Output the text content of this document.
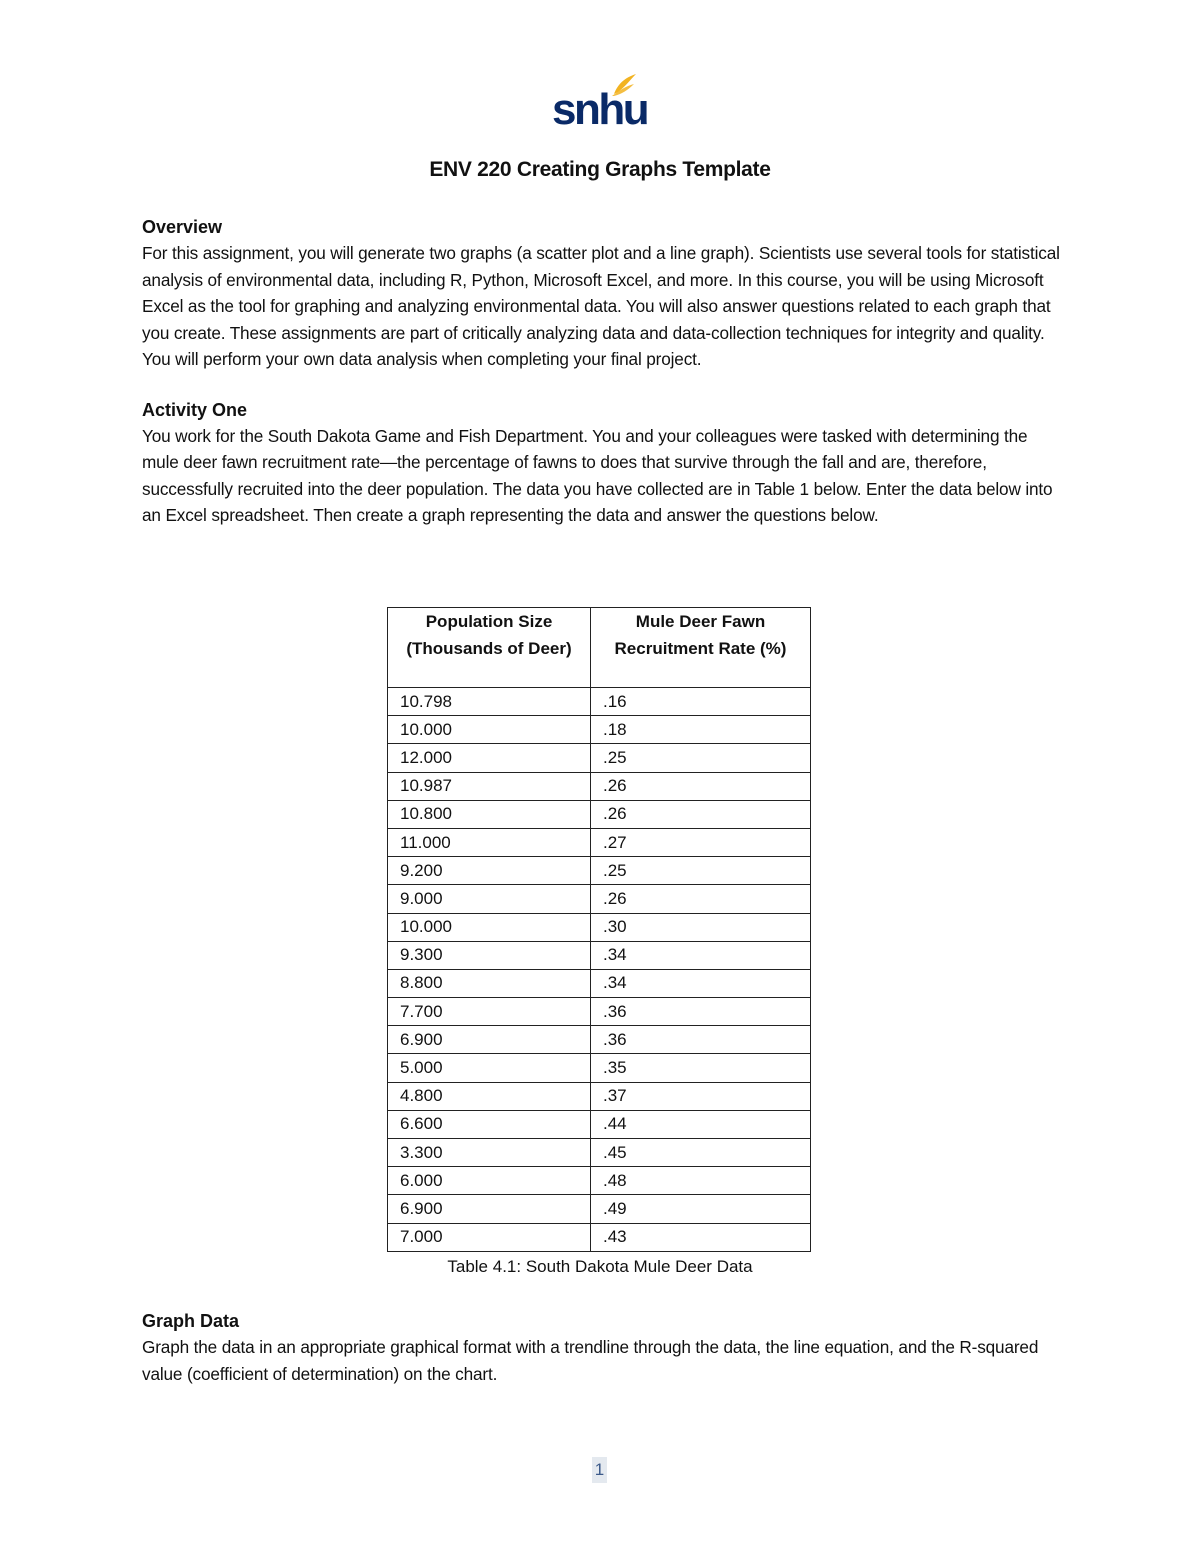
snhu
ENV 220 Creating Graphs Template

Overview

For this assignment, you will generate two graphs (a scatter plot and a line graph). Scientists use several tools for statistical analysis of environmental data, including R, Python, Microsoft Excel, and more. In this course, you will be using Microsoft Excel as the tool for graphing and analyzing environmental data. You will also answer questions related to each graph that you create. These assignments are part of critically analyzing data and data-collection techniques for integrity and quality. You will perform your own data analysis when completing your final project.

Activity One

You work for the South Dakota Game and Fish Department. You and your colleagues were tasked with determining the mule deer fawn recruitment rate—the percentage of fawns to does that survive through the fall and are, therefore, successfully recruited into the deer population. The data you have collected are in Table 1 below. Enter the data below into an Excel spreadsheet. Then create a graph representing the data and answer the questions below.

Population Size (Thousands of Deer)	Mule Deer Fawn Recruitment Rate (%)
10.798	.16
10.000	.18
12.000	.25
10.987	.26
10.800	.26
11.000	.27
9.200	.25
9.000	.26
10.000	.30
9.300	.34
8.800	.34
7.700	.36
6.900	.36
5.000	.35
4.800	.37
6.600	.44
3.300	.45
6.000	.48
6.900	.49
7.000	.43
Table 4.1: South Dakota Mule Deer Data

Graph Data

Graph the data in an appropriate graphical format with a trendline through the data, the line equation, and the R-squared value (coefficient of determination) on the chart.

1
